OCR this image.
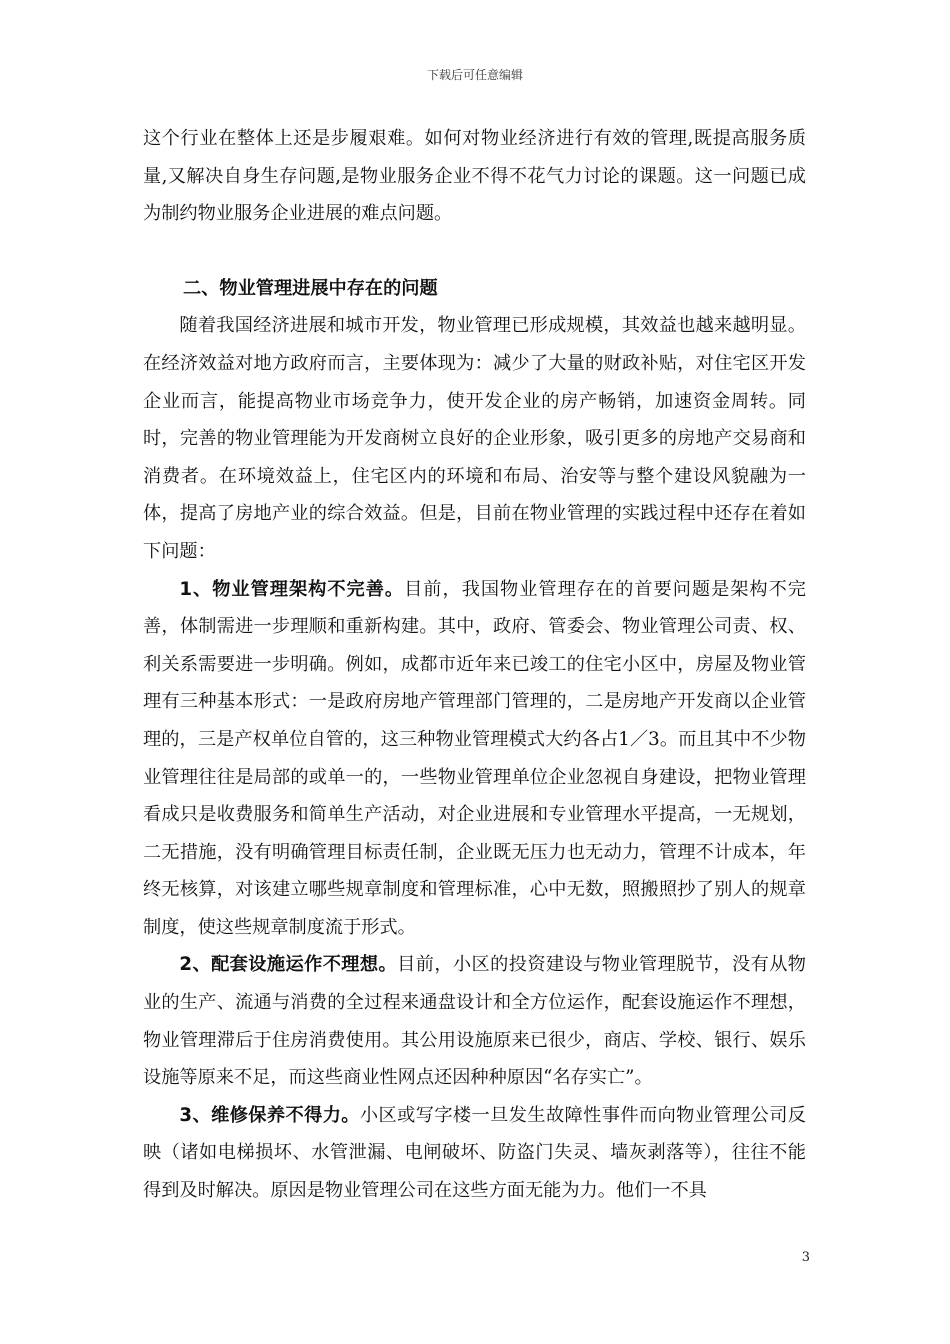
下载后可任意编辑

这个行业在整体上还是步履艰难。如何对物业经济进行有效的管理,既提高服务质量,又解决自身生存问题,是物业服务企业不得不花气力讨论的课题。这一问题已成为制约物业服务企业进展的难点问题。

二、物业管理进展中存在的问题

随着我国经济进展和城市开发，物业管理已形成规模，其效益也越来越明显。在经济效益对地方政府而言，主要体现为：减少了大量的财政补贴，对住宅区开发企业而言，能提高物业市场竞争力，使开发企业的房产畅销，加速资金周转。同时，完善的物业管理能为开发商树立良好的企业形象，吸引更多的房地产交易商和消费者。在环境效益上，住宅区内的环境和布局、治安等与整个建设风貌融为一体，提高了房地产业的综合效益。但是，目前在物业管理的实践过程中还存在着如下问题：

1、物业管理架构不完善。目前，我国物业管理存在的首要问题是架构不完善，体制需进一步理顺和重新构建。其中，政府、管委会、物业管理公司责、权、利关系需要进一步明确。例如，成都市近年来已竣工的住宅小区中，房屋及物业管理有三种基本形式：一是政府房地产管理部门管理的，二是房地产开发商以企业管理的，三是产权单位自管的，这三种物业管理模式大约各占1／3。而且其中不少物业管理往往是局部的或单一的，一些物业管理单位企业忽视自身建设，把物业管理看成只是收费服务和简单生产活动，对企业进展和专业管理水平提高，一无规划，二无措施，没有明确管理目标责任制，企业既无压力也无动力，管理不计成本，年终无核算，对该建立哪些规章制度和管理标准，心中无数，照搬照抄了别人的规章制度，使这些规章制度流于形式。

2、配套设施运作不理想。目前，小区的投资建设与物业管理脱节，没有从物业的生产、流通与消费的全过程来通盘设计和全方位运作，配套设施运作不理想，物业管理滞后于住房消费使用。其公用设施原来已很少，商店、学校、银行、娱乐设施等原来不足，而这些商业性网点还因种种原因“名存实亡”。

3、维修保养不得力。小区或写字楼一旦发生故障性事件而向物业管理公司反映（诸如电梯损坏、水管泄漏、电闸破坏、防盗门失灵、墙灰剥落等），往往不能得到及时解决。原因是物业管理公司在这些方面无能为力。他们一不具

3
